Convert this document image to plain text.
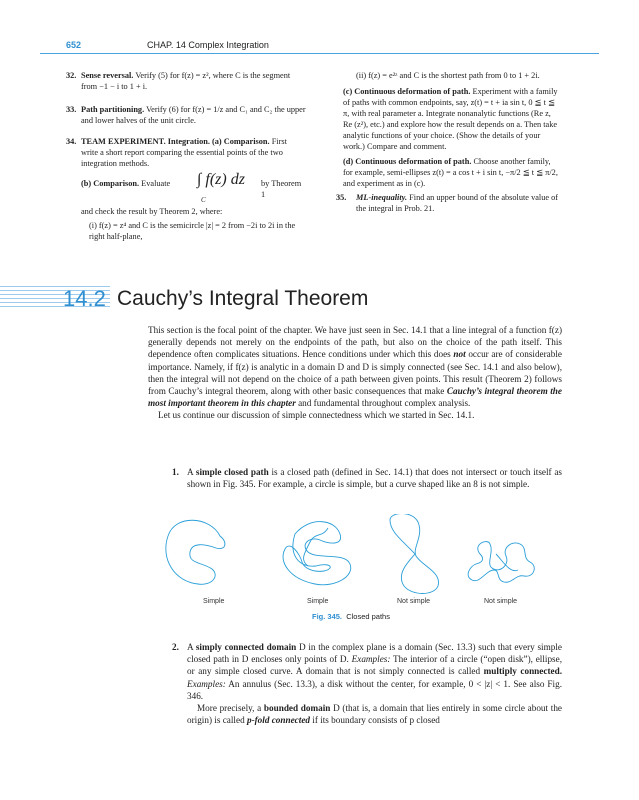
652	CHAP. 14 Complex Integration
32. Sense reversal. Verify (5) for f(z) = z², where C is the segment from −1 − i to 1 + i.
33. Path partitioning. Verify (6) for f(z) = 1/z and C₁ and C₂ the upper and lower halves of the unit circle.
34. TEAM EXPERIMENT. Integration. (a) Comparison. First write a short report comparing the essential points of the two integration methods.
(b) Comparison. Evaluate ∫ f(z) dz
C
by Theorem 1
and check the result by Theorem 2, where:
(i) f(z) = z⁴ and C is the semicircle |z| = 2 from −2i to 2i in the right half-plane,
(ii) f(z) = e²ᶻ and C is the shortest path from 0 to 1 + 2i.
(c) Continuous deformation of path. Experiment with a family of paths with common endpoints, say, z(t) = t + ia sin t, 0 ≦ t ≦ π, with real parameter a. Integrate nonanalytic functions (Re z, Re (z²), etc.) and explore how the result depends on a. Then take analytic functions of your choice. (Show the details of your work.) Compare and comment.
(d) Continuous deformation of path. Choose another family, for example, semi-ellipses z(t) = a cos t + i sin t, −π/2 ≦ t ≦ π/2, and experiment as in (c).
35. ML-inequality. Find an upper bound of the absolute value of the integral in Prob. 21.
14.2 Cauchy’s Integral Theorem

This section is the focal point of the chapter. We have just seen in Sec. 14.1 that a line integral of a function f(z) generally depends not merely on the endpoints of the path, but also on the choice of the path itself. This dependence often complicates situations. Hence conditions under which this does not occur are of considerable importance. Namely, if f(z) is analytic in a domain D and D is simply connected (see Sec. 14.1 and also below), then the integral will not depend on the choice of a path between given points. This result (Theorem 2) follows from Cauchy’s integral theorem, along with other basic consequences that make Cauchy’s integral theorem the most important theorem in this chapter and fundamental throughout complex analysis.

Let us continue our discussion of simple connectedness which we started in Sec. 14.1.

1. A simple closed path is a closed path (defined in Sec. 14.1) that does not intersect or touch itself as shown in Fig. 345. For example, a circle is simple, but a curve shaped like an 8 is not simple.

Simple	Simple	Not simple	Not simple
Fig. 345. Closed paths
2. A simply connected domain D in the complex plane is a domain (Sec. 13.3) such that every simple closed path in D encloses only points of D. Examples: The interior of a circle (“open disk”), ellipse, or any simple closed curve. A domain that is not simply connected is called multiply connected. Examples: An annulus (Sec. 13.3), a disk without the center, for example, 0 < |z| < 1. See also Fig. 346.

More precisely, a bounded domain D (that is, a domain that lies entirely in some circle about the origin) is called p-fold connected if its boundary consists of p closed
